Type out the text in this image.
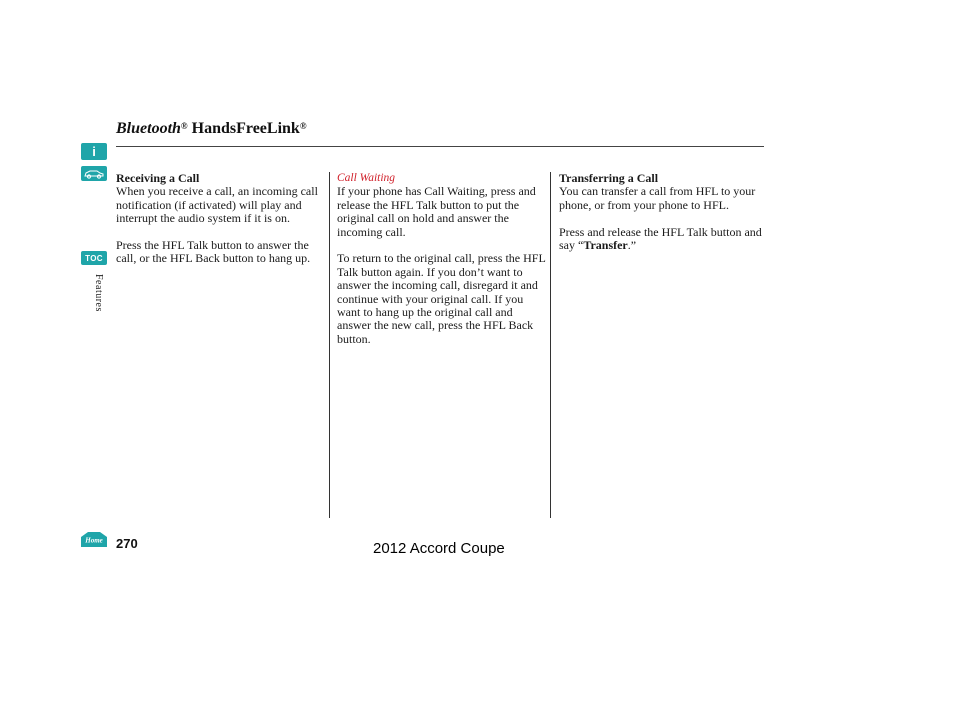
Bluetooth® HandsFreeLink®
i
TOC
Features
Receiving a Call

When you receive a call, an incoming call notification (if activated) will play and interrupt the audio system if it is on.

Press the HFL Talk button to answer the call, or the HFL Back button to hang up.

Call Waiting

If your phone has Call Waiting, press and release the HFL Talk button to put the original call on hold and answer the incoming call.

To return to the original call, press the HFL Talk button again. If you don’t want to answer the incoming call, disregard it and continue with your original call. If you want to hang up the original call and answer the new call, press the HFL Back button.

Transferring a Call

You can transfer a call from HFL to your phone, or from your phone to HFL.

Press and release the HFL Talk button and say “Transfer.”

Home 270	2012 Accord Coupe
